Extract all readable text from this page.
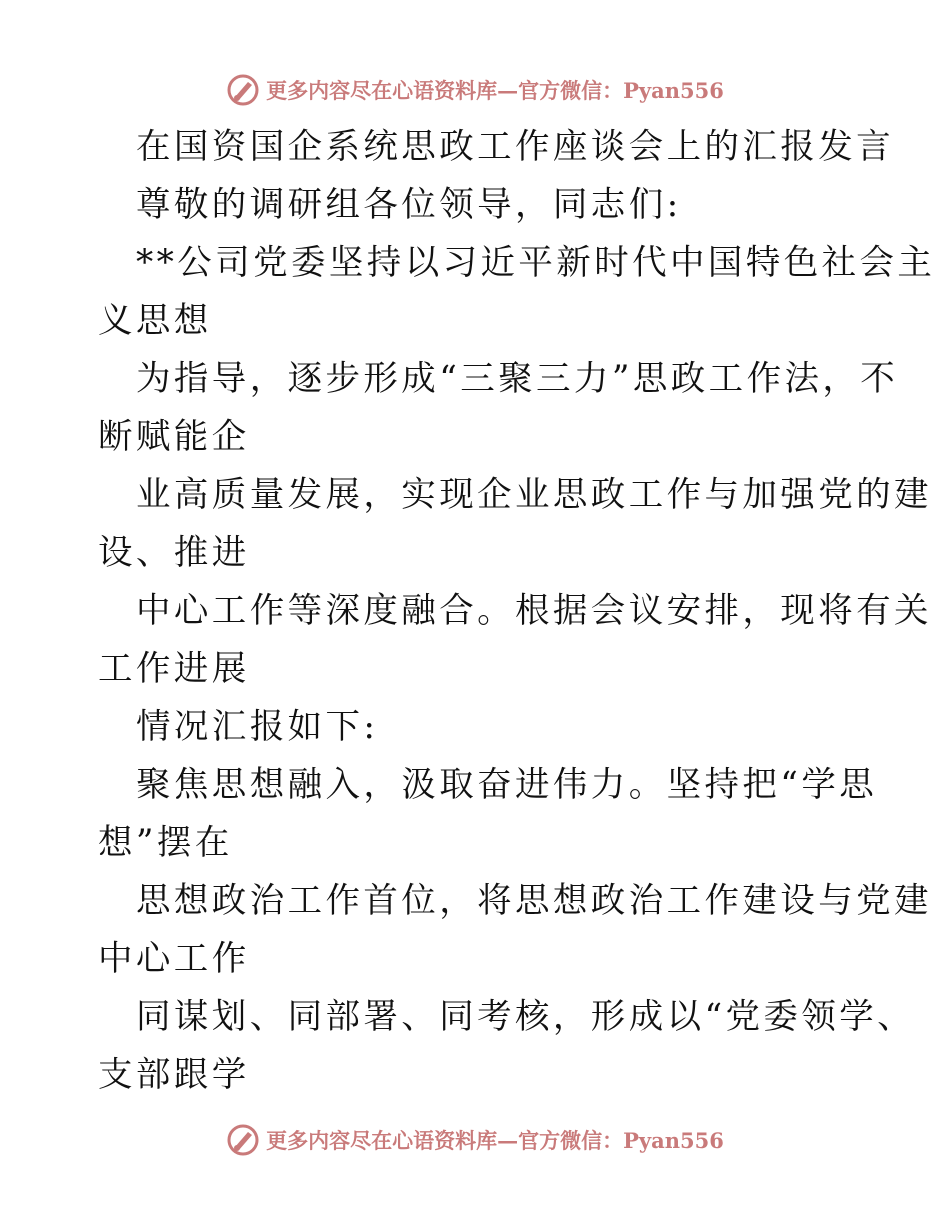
更多内容尽在心语资料库—官方微信：Pyan556
在国资国企系统思政工作座谈会上的汇报发言
尊敬的调研组各位领导，同志们:
**公司党委坚持以习近平新时代中国特色社会主
义思想
为指导，逐步形成“三聚三力”思政工作法，不
断赋能企
业高质量发展，实现企业思政工作与加强党的建
设、推进
中心工作等深度融合。根据会议安排，现将有关
工作进展
情况汇报如下:
聚焦思想融入，汲取奋进伟力。坚持把“学思
想”摆在
思想政治工作首位，将思想政治工作建设与党建
中心工作
同谋划、同部署、同考核，形成以“党委领学、
支部跟学
更多内容尽在心语资料库—官方微信：Pyan556
